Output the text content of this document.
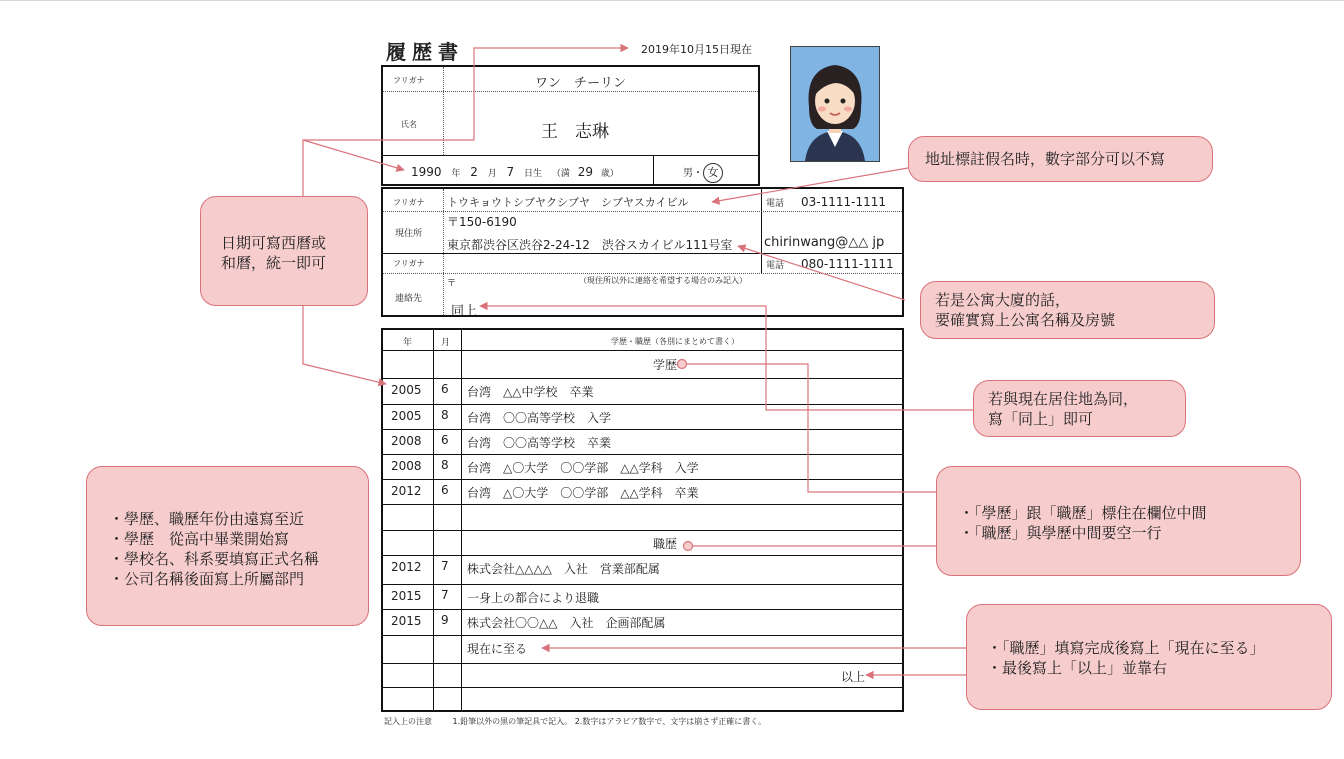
履歴書	2019年10月15日現在
フリガナ	ワン　チーリン
氏名	王　志琳
1990 年 2 月 7 日生 （満 29 歳）	男・ 女
フリガナ トウキョウトシブヤクシブヤ　シブヤスカイビル	電話 03-1111-1111
現住所
〒150-6190
東京都渋谷区渋谷2-24-12　渋谷スカイビル111号室 chirinwang@△△ jp
フリガナ	電話 080-1111-1111
連絡先
〒	（現住所以外に連絡を希望する場合のみ記入）
同上
年	月	学歴・職歴（各別にまとめて書く）
学歴
2005 6 台湾　△△中学校　卒業
2005 8 台湾　〇〇高等学校　入学
2008 6 台湾　〇〇高等学校　卒業
2008 8 台湾　△〇大学　〇〇学部　△△学科　入学
2012 6 台湾　△〇大学　〇〇学部　△△学科　卒業
職歴
2012 7 株式会社△△△△　入社　営業部配属
2015 7 一身上の都合により退職
2015 9 株式会社〇〇△△　入社　企画部配属
現在に至る
以上
記入上の注意	1.鉛筆以外の黒の筆記具で記入。 2.数字はアラビア数字で、文字は崩さず正確に書く。
日期可寫西曆或
和曆，統一即可
地址標註假名時，數字部分可以不寫
若是公寓大廈的話，
要確實寫上公寓名稱及房號
若與現在居住地為同，
寫「同上」即可
・學歷、職歷年份由遠寫至近
・學歷　從高中畢業開始寫
・學校名、科系要填寫正式名稱
・公司名稱後面寫上所屬部門
・「學歷」跟「職歷」標住在欄位中間
・「職歷」與學歷中間要空一行
・「職歷」填寫完成後寫上「現在に至る」
・最後寫上「以上」並靠右
